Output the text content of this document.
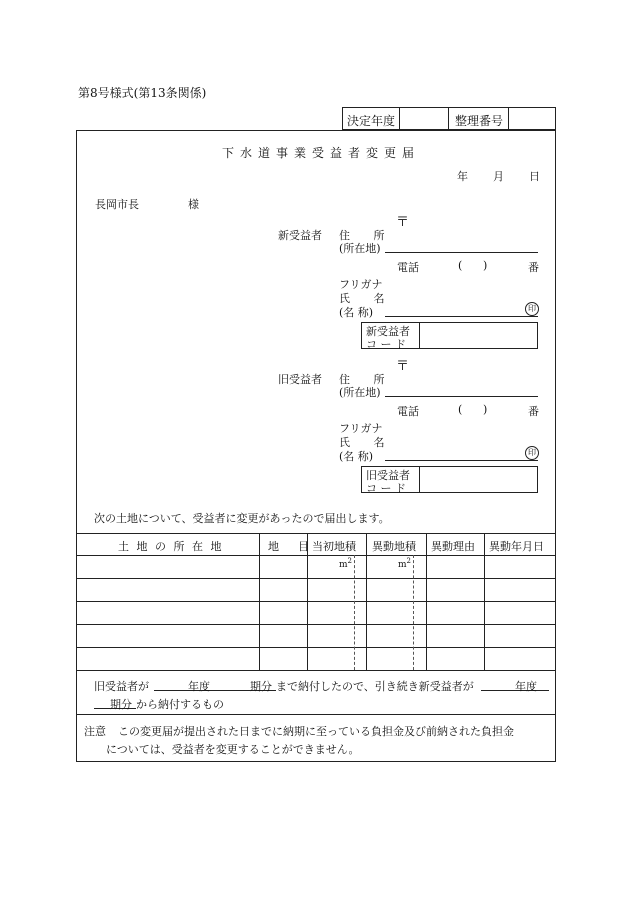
第8号様式(第13条関係)
決定年度	整理番号
下水道事業受益者変更届
年 月 日
長岡市長	様
〒
新受益者 住 所
(所在地)
電話	( )	番
フリガナ
氏 名
(名 称)	印
新受益者
コ ー ド
〒
旧受益者 住 所
(所在地)
電話	( )	番
フリガナ
氏 名
(名 称)	印
旧受益者
コ ー ド
次の土地について、受益者に変更があったので届出します。
土 地 の 所 在 地	地　目 当初地積 異動地積 異動理由 異動年月日
$m^2$	$m^2$
旧受益者が	年度	期分 まで納付したので、引き続き新受益者が	年度
期分 から納付するもの
注意 この変更届が提出された日までに納期に至っている負担金及び前納された負担金
については、受益者を変更することができません。
